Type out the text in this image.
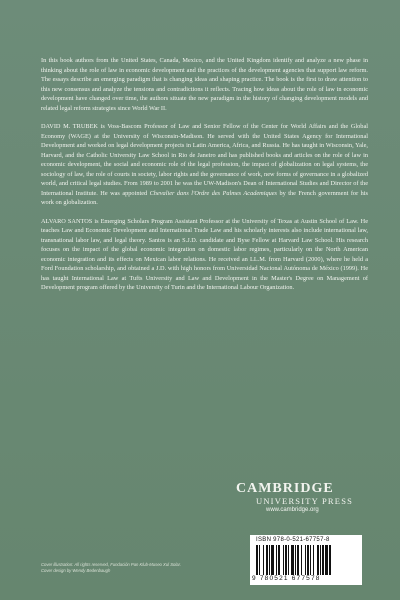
In this book authors from the United States, Canada, Mexico, and the United Kingdom identify and analyze a new phase in thinking about the role of law in economic development and the practices of the development agencies that support law reform. The essays describe an emerging paradigm that is changing ideas and shaping practice. The book is the first to draw attention to this new consensus and analyze the tensions and contradictions it reflects. Tracing how ideas about the role of law in economic development have changed over time, the authors situate the new paradigm in the history of changing development models and related legal reform strategies since World War II.

DAVID M. TRUBEK is Voss-Bascom Professor of Law and Senior Fellow of the Center for World Affairs and the Global Economy (WAGE) at the University of Wisconsin-Madison. He served with the United States Agency for International Development and worked on legal development projects in Latin America, Africa, and Russia. He has taught in Wisconsin, Yale, Harvard, and the Catholic University Law School in Rio de Janeiro and has published books and articles on the role of law in economic development, the social and economic role of the legal profession, the impact of globalization on legal systems, the sociology of law, the role of courts in society, labor rights and the governance of work, new forms of governance in a globalized world, and critical legal studies. From 1989 to 2001 he was the UW-Madison's Dean of International Studies and Director of the International Institute. He was appointed Chevalier dans l'Ordre des Palmes Academiques by the French government for his work on globalization.

ALVARO SANTOS is Emerging Scholars Program Assistant Professor at the University of Texas at Austin School of Law. He teaches Law and Economic Development and International Trade Law and his scholarly interests also include international law, transnational labor law, and legal theory. Santos is an S.J.D. candidate and Byse Fellow at Harvard Law School. His research focuses on the impact of the global economic integration on domestic labor regimes, particularly on the North American economic integration and its effects on Mexican labor relations. He received an LL.M. from Harvard (2000), where he held a Ford Foundation scholarship, and obtained a J.D. with high honors from Universidad Nacional Autónoma de México (1999). He has taught International Law at Tufts University and Law and Development in the Master's Degree on Management of Development program offered by the University of Turin and the International Labour Organization.

CAMBRIDGE
UNIVERSITY PRESS
www.cambridge.org
ISBN 978-0-521-67757-8
9 780521 677578
Cover illustration: All rights reserved, Fundación Pan Klub-Museo Xul Solar.
Cover design by Wendy Bedenbaugh
